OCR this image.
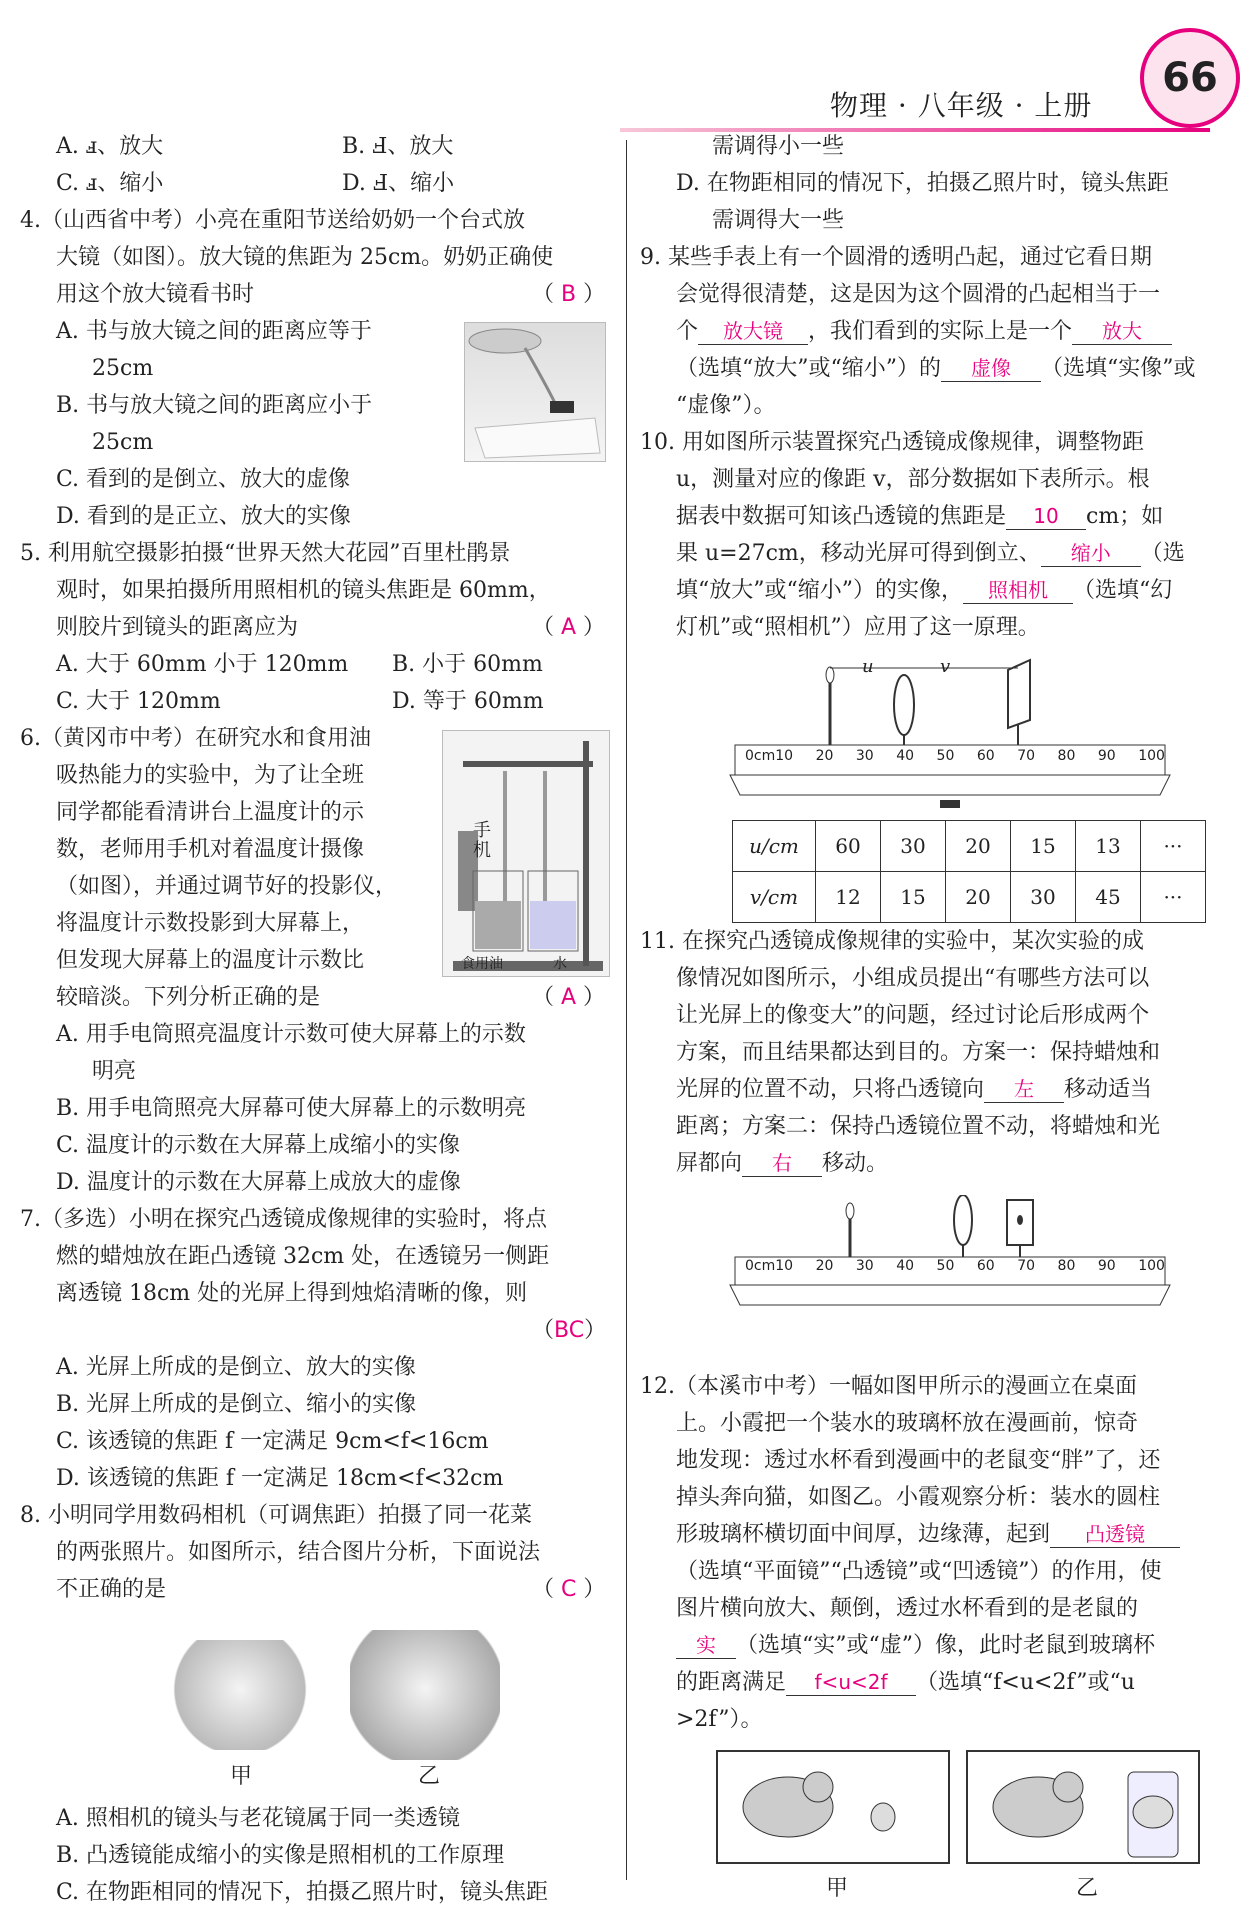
物理 · 八年级 · 上册
66
A. ⅎ、放大	B. Ⅎ、放大
C. ⅎ、缩小	D. Ⅎ、缩小
4.（山西省中考）小亮在重阳节送给奶奶一个台式放
大镜（如图）。放大镜的焦距为 25cm。奶奶正确使
用这个放大镜看书时	（ B ）
A. 书与放大镜之间的距离应等于
25cm
B. 书与放大镜之间的距离应小于
25cm
C. 看到的是倒立、放大的虚像
D. 看到的是正立、放大的实像
5. 利用航空摄影拍摄“世界天然大花园”百里杜鹃景
观时，如果拍摄所用照相机的镜头焦距是 60mm，
则胶片到镜头的距离应为	（ A ）
A. 大于 60mm 小于 120mm B. 小于 60mm
C. 大于 120mm	D. 等于 60mm
6.（黄冈市中考）在研究水和食用油
吸热能力的实验中，为了让全班
同学都能看清讲台上温度计的示
数，老师用手机对着温度计摄像
（如图），并通过调节好的投影仪，
将温度计示数投影到大屏幕上，
但发现大屏幕上的温度计示数比
较暗淡。下列分析正确的是	（ A ）
手机
食用油	水
A. 用手电筒照亮温度计示数可使大屏幕上的示数
明亮
B. 用手电筒照亮大屏幕可使大屏幕上的示数明亮
C. 温度计的示数在大屏幕上成缩小的实像
D. 温度计的示数在大屏幕上成放大的虚像
7.（多选）小明在探究凸透镜成像规律的实验时，将点
燃的蜡烛放在距凸透镜 32cm 处，在透镜另一侧距
离透镜 18cm 处的光屏上得到烛焰清晰的像，则
（BC）
A. 光屏上所成的是倒立、放大的实像
B. 光屏上所成的是倒立、缩小的实像
C. 该透镜的焦距 f 一定满足 9cm<f<16cm
D. 该透镜的焦距 f 一定满足 18cm<f<32cm
8. 小明同学用数码相机（可调焦距）拍摄了同一花菜
的两张照片。如图所示，结合图片分析，下面说法
不正确的是	（ C ）
甲	乙
A. 照相机的镜头与老花镜属于同一类透镜
B. 凸透镜能成缩小的实像是照相机的工作原理
C. 在物距相同的情况下，拍摄乙照片时，镜头焦距
需调得小一些
D. 在物距相同的情况下，拍摄乙照片时，镜头焦距
需调得大一些
9. 某些手表上有一个圆滑的透明凸起，通过它看日期
会觉得很清楚，这是因为这个圆滑的凸起相当于一
个 放大镜 ，我们看到的实际上是一个 放大
（选填“放大”或“缩小”）的 虚像 （选填“实像”或
“虚像”）。
10. 用如图所示装置探究凸透镜成像规律，调整物距
u，测量对应的像距 v，部分数据如下表所示。根
据表中数据可知该凸透镜的焦距是 10 cm；如
果 u=27cm，移动光屏可得到倒立、 缩小 （选
填“放大”或“缩小”）的实像， 照相机 （选填“幻
灯机”或“照相机”）应用了这一原理。
u	v
0cm10 20 30 40 50 60 70 80 90 100
u/cm	60	30	20	15	13	···
v/cm	12	15	20	30	45	···
11. 在探究凸透镜成像规律的实验中，某次实验的成
像情况如图所示，小组成员提出“有哪些方法可以
让光屏上的像变大”的问题，经过讨论后形成两个
方案，而且结果都达到目的。方案一：保持蜡烛和
光屏的位置不动，只将凸透镜向 左 移动适当
距离；方案二：保持凸透镜位置不动，将蜡烛和光
屏都向 右 移动。
0cm10 20 30 40 50 60 70 80 90 100
12.（本溪市中考）一幅如图甲所示的漫画立在桌面
上。小霞把一个装水的玻璃杯放在漫画前，惊奇
地发现：透过水杯看到漫画中的老鼠变“胖”了，还
掉头奔向猫，如图乙。小霞观察分析：装水的圆柱
形玻璃杯横切面中间厚，边缘薄，起到 凸透镜
（选填“平面镜”“凸透镜”或“凹透镜”）的作用，使
图片横向放大、颠倒，透过水杯看到的是老鼠的
实 （选填“实”或“虚”）像，此时老鼠到玻璃杯
的距离满足 f<u<2f （选填“f<u<2f”或“u
>2f”）。
甲	乙
